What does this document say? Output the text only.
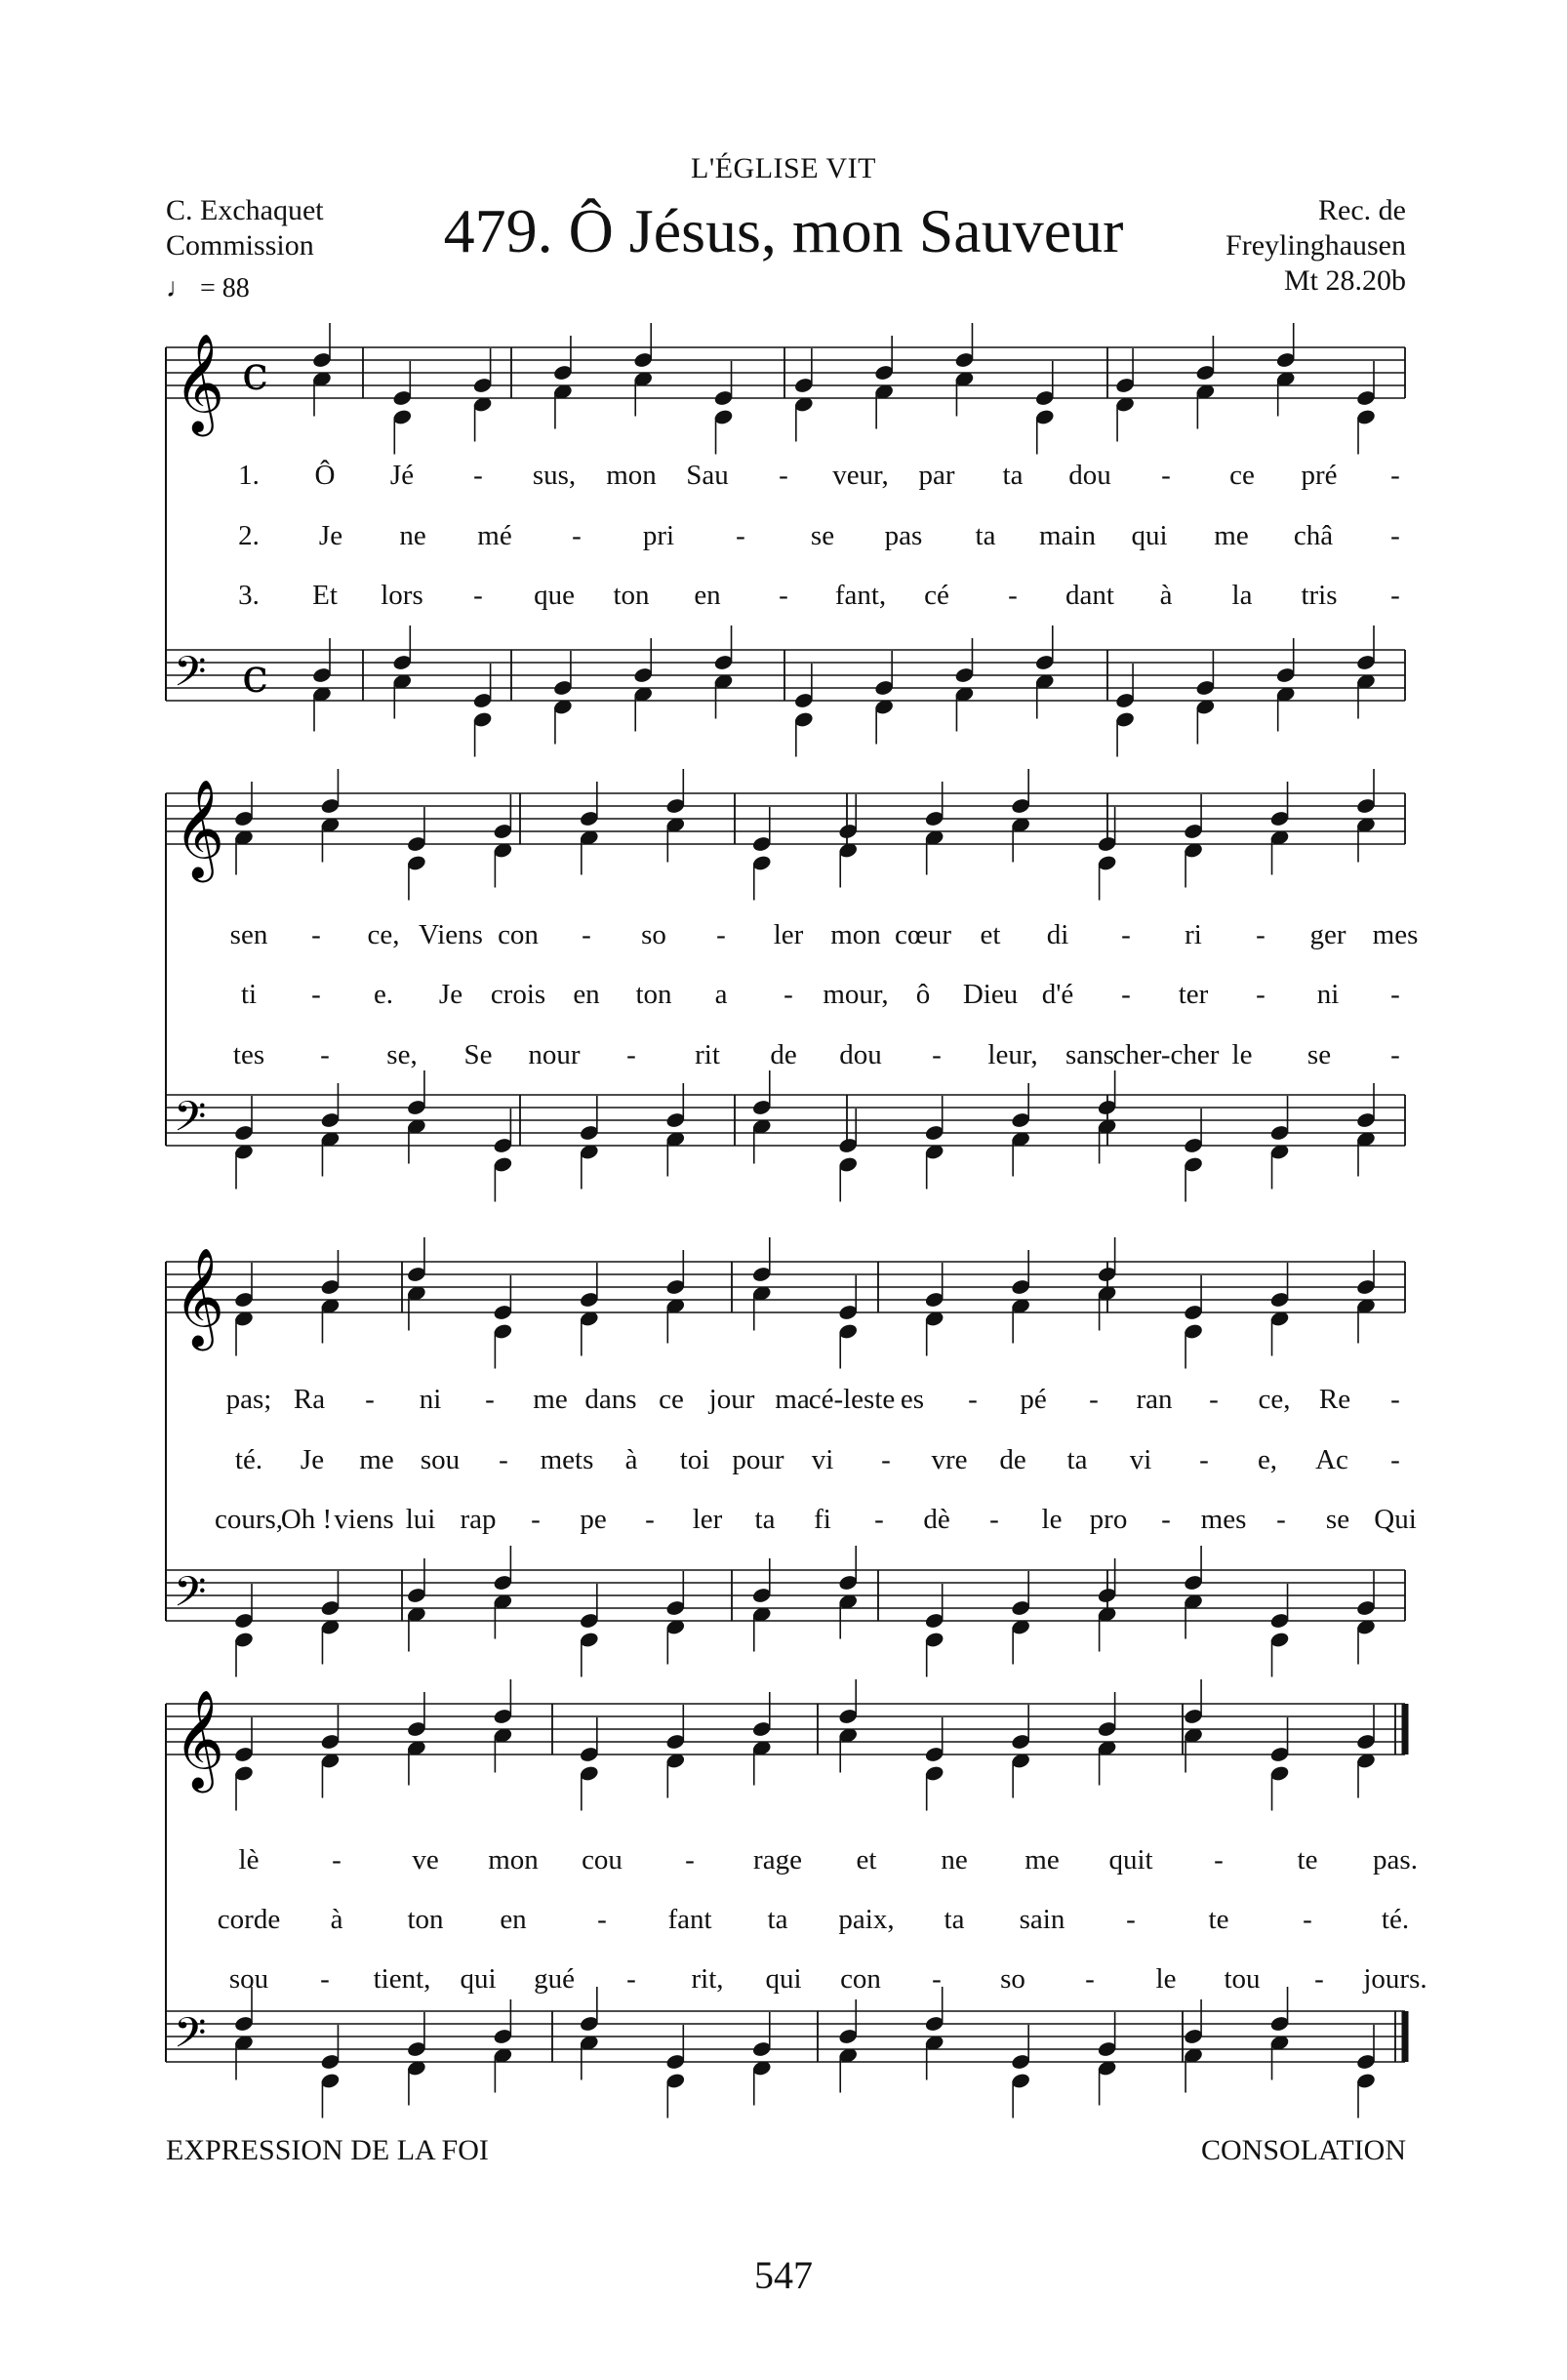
L'ÉGLISE VIT
479. Ô Jésus, mon Sauveur
C. Exchaquet
Commission
♩ = 88
Rec. de
Freylinghausen
Mt 28.20b
𝄞 c
𝄢 c
𝄞
𝄢
𝄞
𝄢
𝄞
𝄢
1. Ô Jé - sus, mon Sau - veur, par ta dou - ce pré -
2. Je ne mé - pri - se pas ta main qui me châ -
3. Et lors - que ton en - fant, cé - dant à la tris -
sen - ce, Viens con - so - ler mon cœur et di - ri - ger mes
ti - e. Je crois en ton a - mour, ô Dieu d'é - ter - ni -
tes - se, Se nour - rit de dou - leur, sans
cher-cher le se -
pas; Ra - ni - me dans ce jour ma cé-leste es - pé - ran - ce, Re -
té. Je me sou - mets à toi pour vi - vre de ta vi - e, Ac -
cours,
Oh ! viens lui rap - pe - ler ta fi - dè - le pro - mes - se Qui
lè	- ve mon cou - rage et ne me quit -	te pas.
corde à ton en - fant ta paix, ta sain -	te	- té.
sou - tient, qui gué - rit, qui con - so - le tou - jours.
EXPRESSION DE LA FOI	CONSOLATION
547
